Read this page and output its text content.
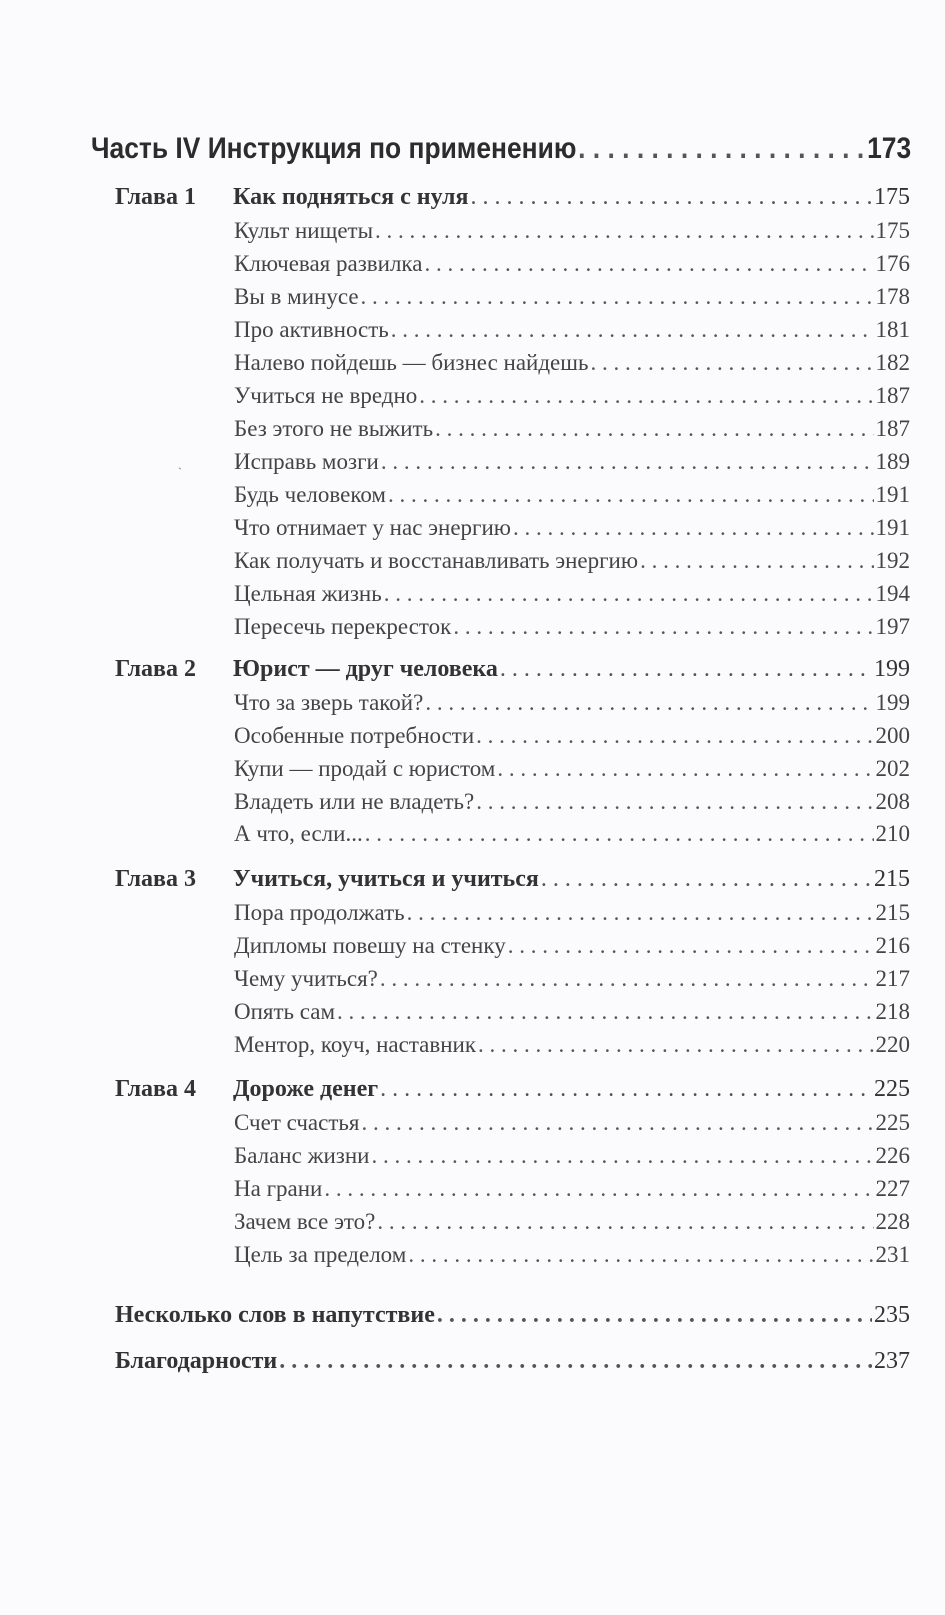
Часть IV Инструкция по применению . . .	173
Глава 1 Как подняться с нуля . . .	175
Культ нищеты . . .	175
Ключевая развилка . . .	176
Вы в минусе . . .	178
Про активность . . .	181
Налево пойдешь — бизнес найдешь . . .	182
Учиться не вредно . . .	187
Без этого не выжить . . .	187
Исправь мозги . . .	189
Будь человеком . . .	191
Что отнимает у нас энергию . . .	191
Как получать и восстанавливать энергию . . .	192
Цельная жизнь . . .	194
Пересечь перекресток . . .	197
Глава 2 Юрист — друг человека . . .	199
Что за зверь такой? . . .	199
Особенные потребности . . .	200
Купи — продай с юристом . . .	202
Владеть или не владеть? . . .	208
А что, если... . . .	210
Глава 3 Учиться, учиться и учиться . . .	215
Пора продолжать . . .	215
Дипломы повешу на стенку . . .	216
Чему учиться? . . .	217
Опять сам . . .	218
Ментор, коуч, наставник . . .	220
Глава 4 Дороже денег . . .	225
Счет счастья . . .	225
Баланс жизни . . .	226
На грани . . .	227
Зачем все это? . . .	228
Цель за пределом . . .	231
Несколько слов в напутствие . . .	235
Благодарности . . .	237
ˎ
